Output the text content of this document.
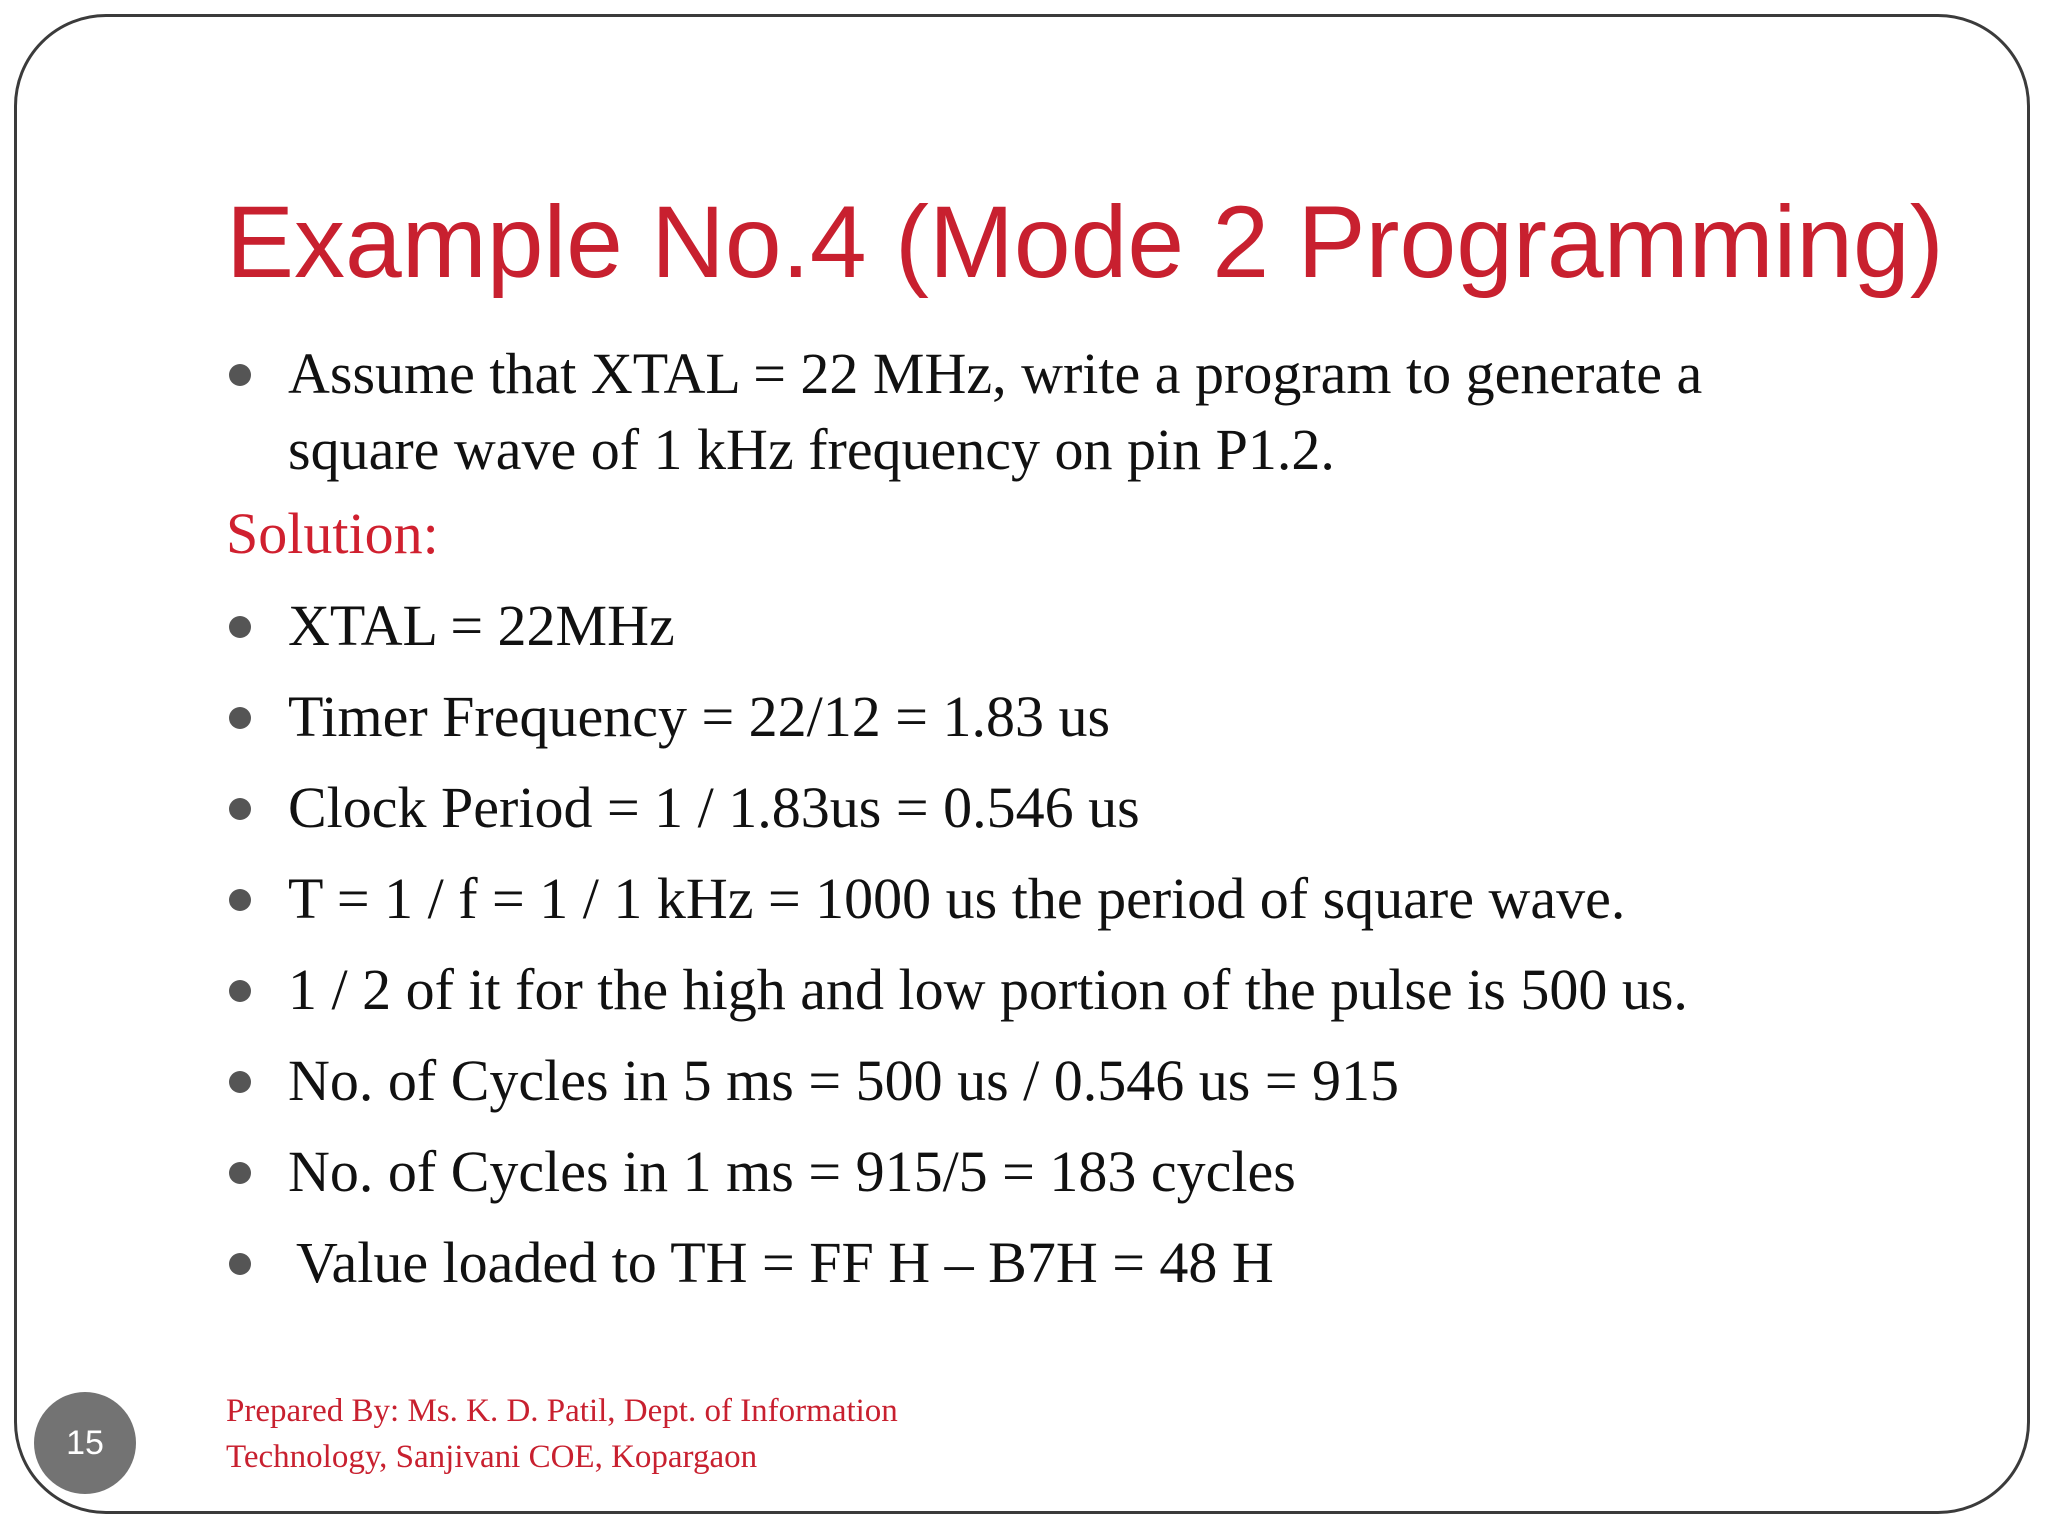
Example No.4 (Mode 2 Programming)
Assume that XTAL = 22 MHz, write a program to generate a
square wave of 1 kHz frequency on pin P1.2.
Solution:
XTAL = 22MHz
Timer Frequency = 22/12 = 1.83 us
Clock Period = 1 / 1.83us = 0.546 us
T = 1 / f = 1 / 1 kHz = 1000 us the period of square wave.
1 / 2 of it for the high and low portion of the pulse is 500 us.
No. of Cycles in 5 ms = 500 us / 0.546 us = 915
No. of Cycles in 1 ms = 915/5 = 183 cycles
Value loaded to TH = FF H – B7H = 48 H
15
Prepared By: Ms. K. D. Patil, Dept. of Information
Technology, Sanjivani COE, Kopargaon
